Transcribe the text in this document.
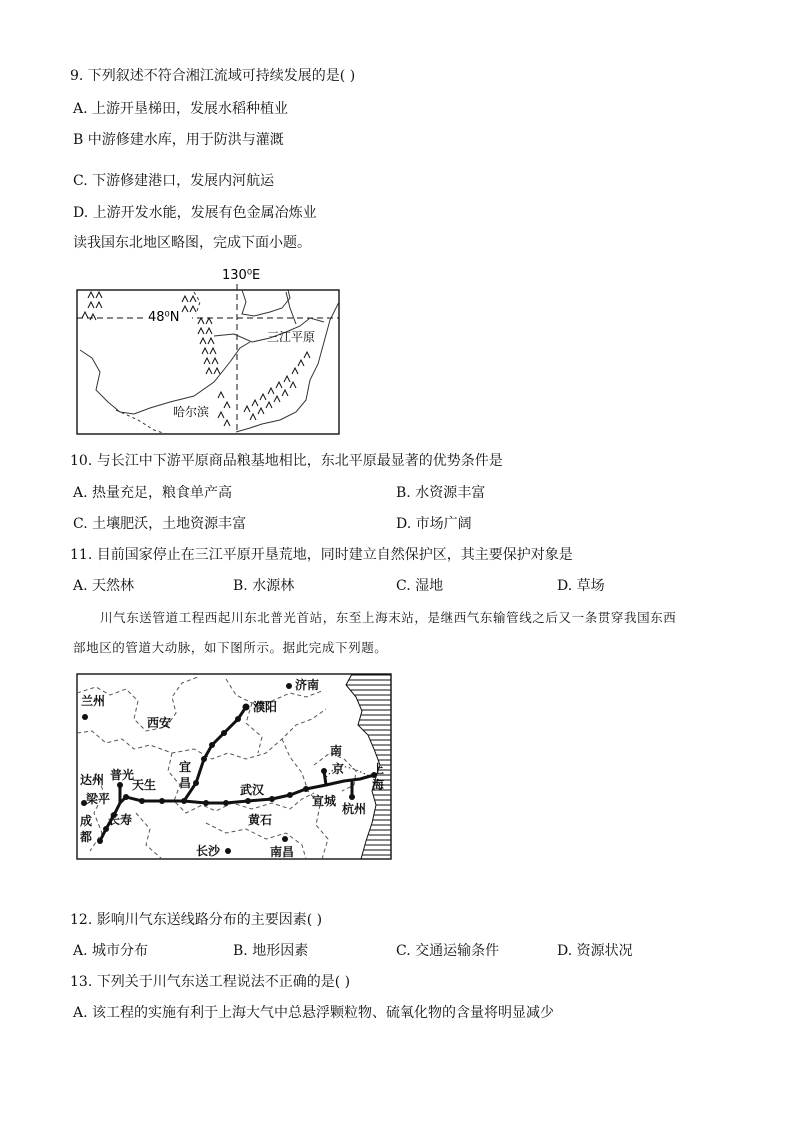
9. 下列叙述不符合湘江流域可持续发展的是( )
A. 上游开垦梯田，发展水稻种植业
B 中游修建水库，用于防洪与灌溉
C. 下游修建港口，发展内河航运
D. 上游开发水能，发展有色金属冶炼业
读我国东北地区略图，完成下面小题。
130⁰E
48⁰N
三江平原
哈尔滨
10. 与长江中下游平原商品粮基地相比，东北平原最显著的优势条件是
A. 热量充足，粮食单产高	B. 水资源丰富
C. 土壤肥沃，土地资源丰富	D. 市场广阔
11. 目前国家停止在三江平原开垦荒地，同时建立自然保护区，其主要保护对象是
A. 天然林	B. 水源林	C. 湿地	D. 草场
川气东送管道工程西起川东北普光首站，东至上海末站，是继西气东输管线之后又一条贯穿我国东西
部地区的管道大动脉，如下图所示。据此完成下列题。
济南
兰州
西安
濮阳
南
京
达州 普光
天生
宜
昌
上
海
梁平
武汉
宣城
杭州
成
都
长寿	黄石
长沙	南昌
12. 影响川气东送线路分布的主要因素( )
A. 城市分布	B. 地形因素	C. 交通运输条件	D. 资源状况
13. 下列关于川气东送工程说法不正确的是( )
A. 该工程的实施有利于上海大气中总悬浮颗粒物、硫氧化物的含量将明显减少
